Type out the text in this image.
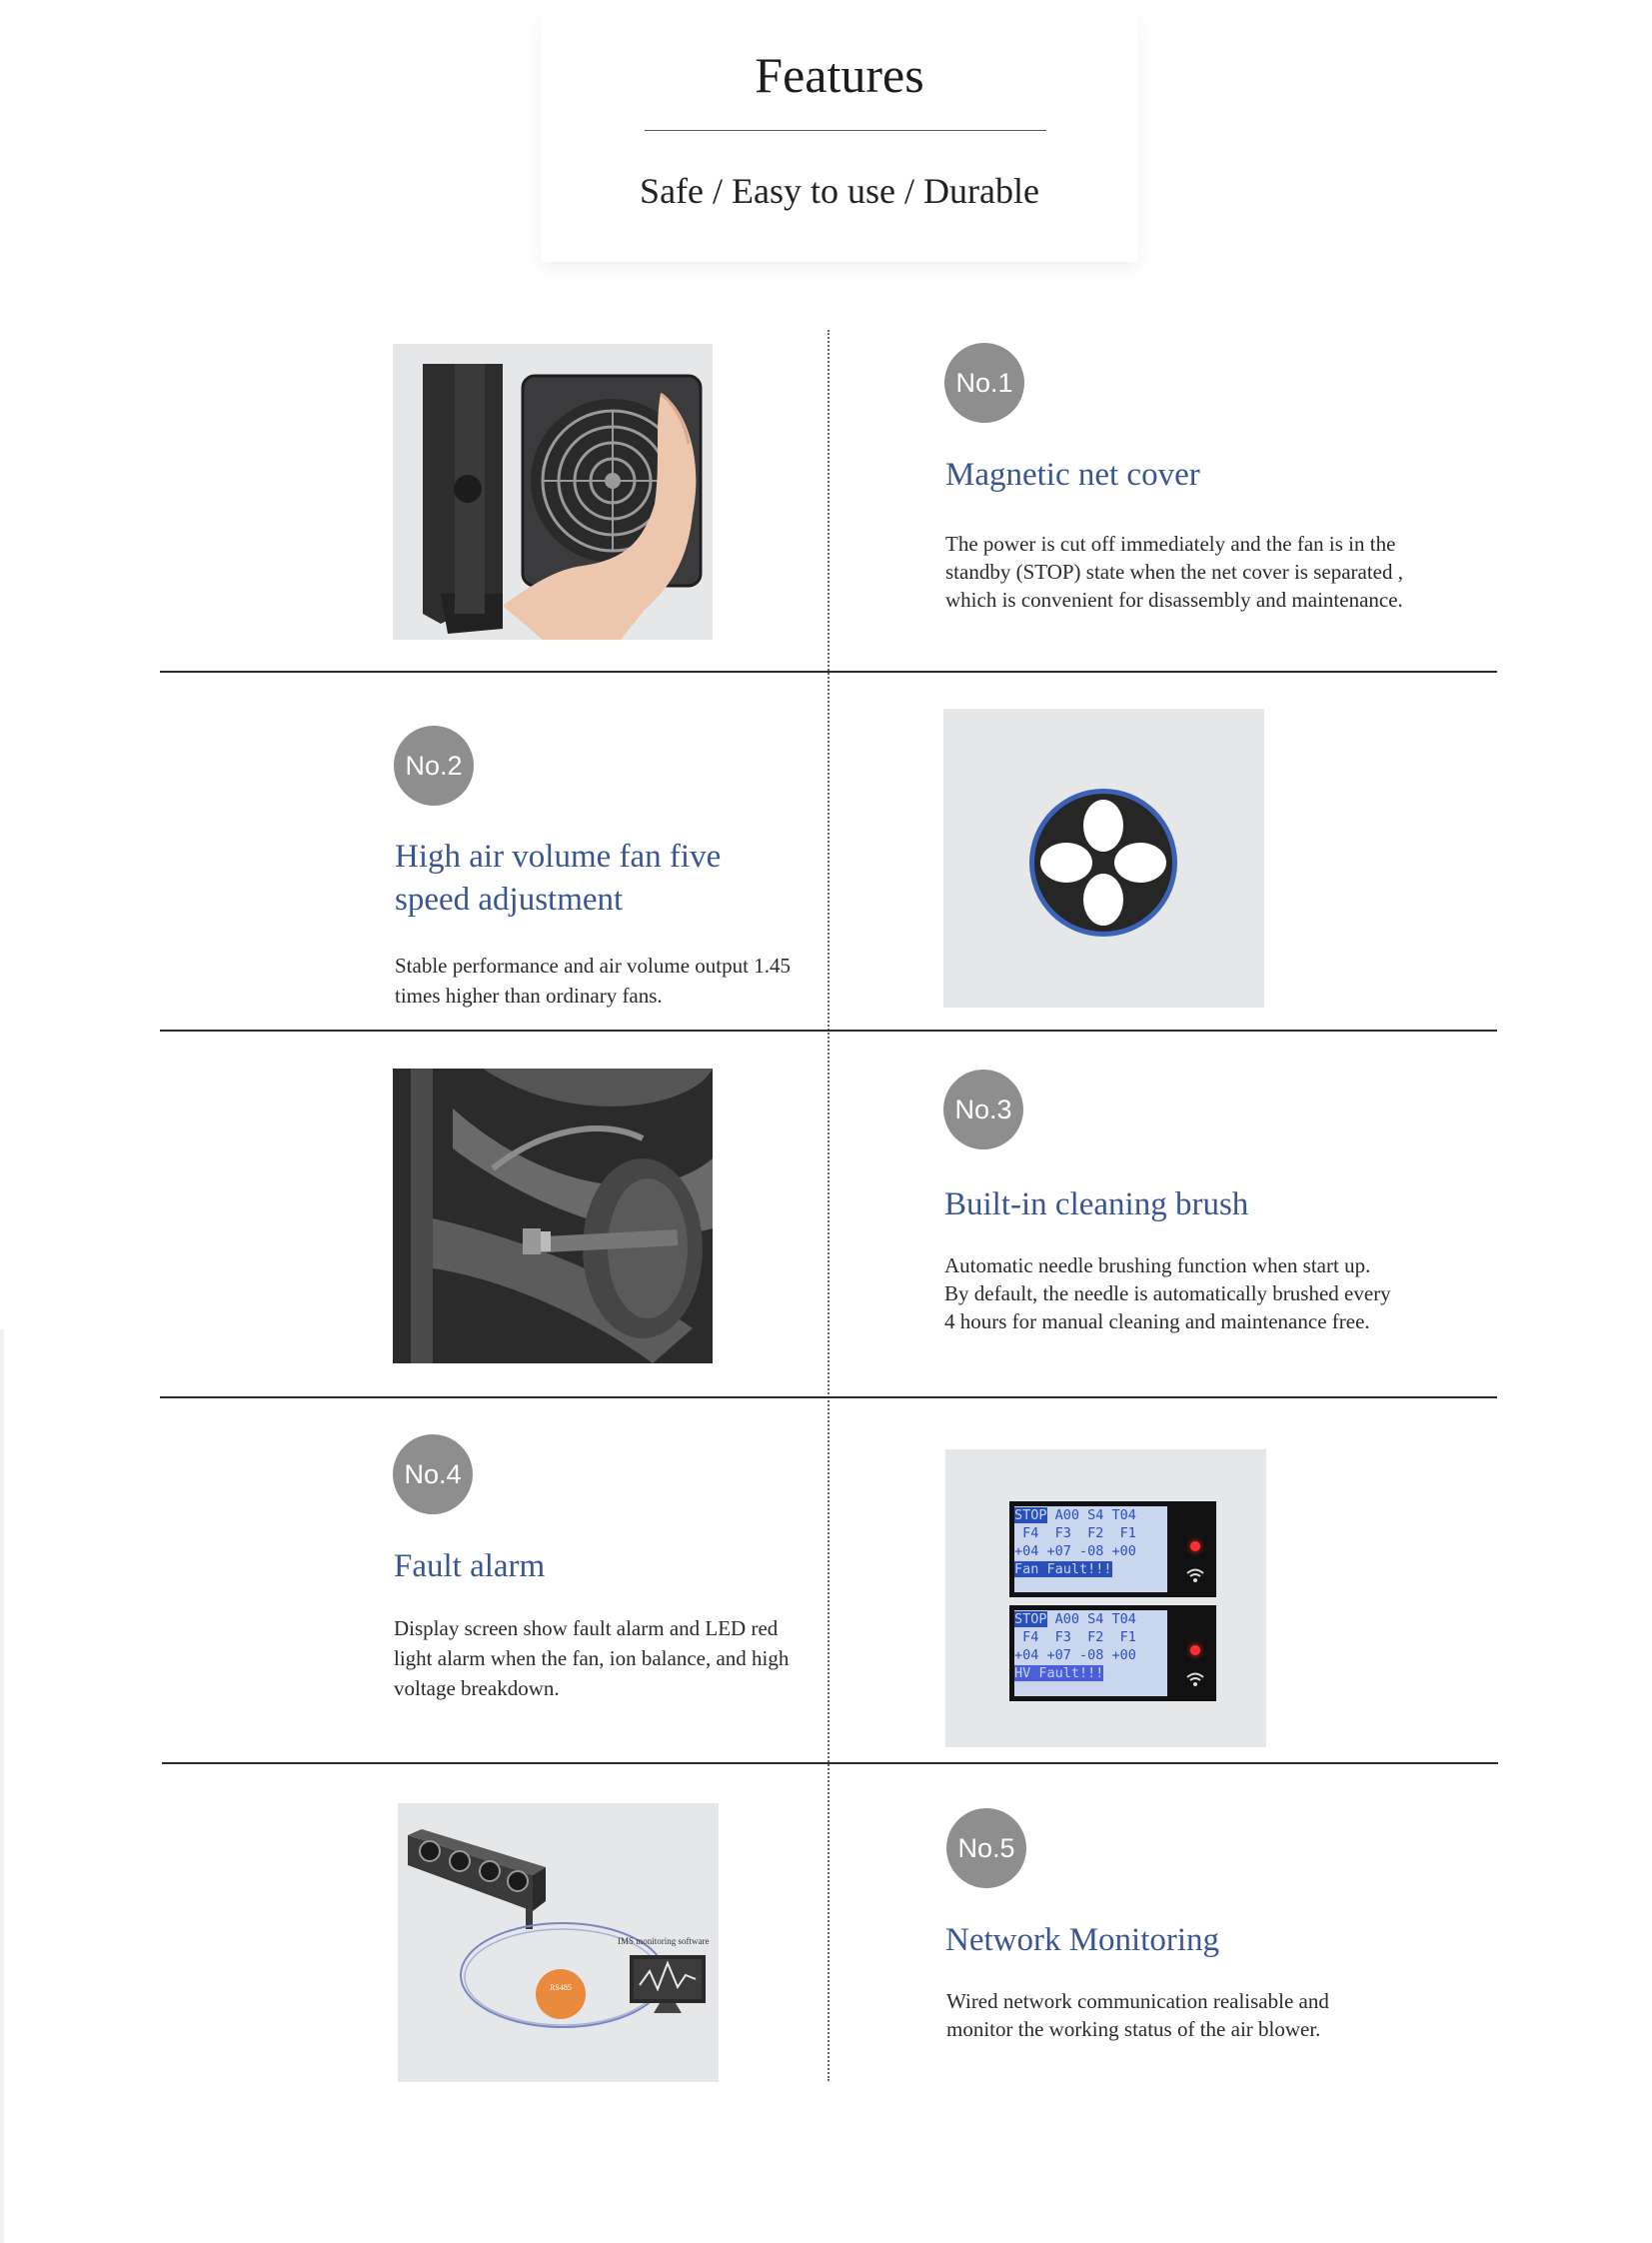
Features
Safe / Easy to use / Durable
No.1
Magnetic net cover
The power is cut off immediately and the fan is in the standby (STOP) state when the net cover is separated , which is convenient for disassembly and maintenance.
No.2
High air volume fan five speed adjustment
Stable performance and air volume output 1.45 times higher than ordinary fans.
No.3
Built-in cleaning brush
Automatic needle brushing function when start up. By default, the needle is automatically brushed every 4 hours for manual cleaning and maintenance free.
No.4
Fault alarm
Display screen show fault alarm and LED red light alarm when the fan, ion balance, and high voltage breakdown.
STOP A00 S4 T04
F4  F3  F2  F1
+04 +07 -08 +00
Fan Fault!!!
STOP A00 S4 T04
F4  F3  F2  F1
+04 +07 -08 +00
HV Fault!!!
IMS monitoring software
RS485
No.5
Network Monitoring
Wired network communication realisable and monitor the working status of the air blower.
